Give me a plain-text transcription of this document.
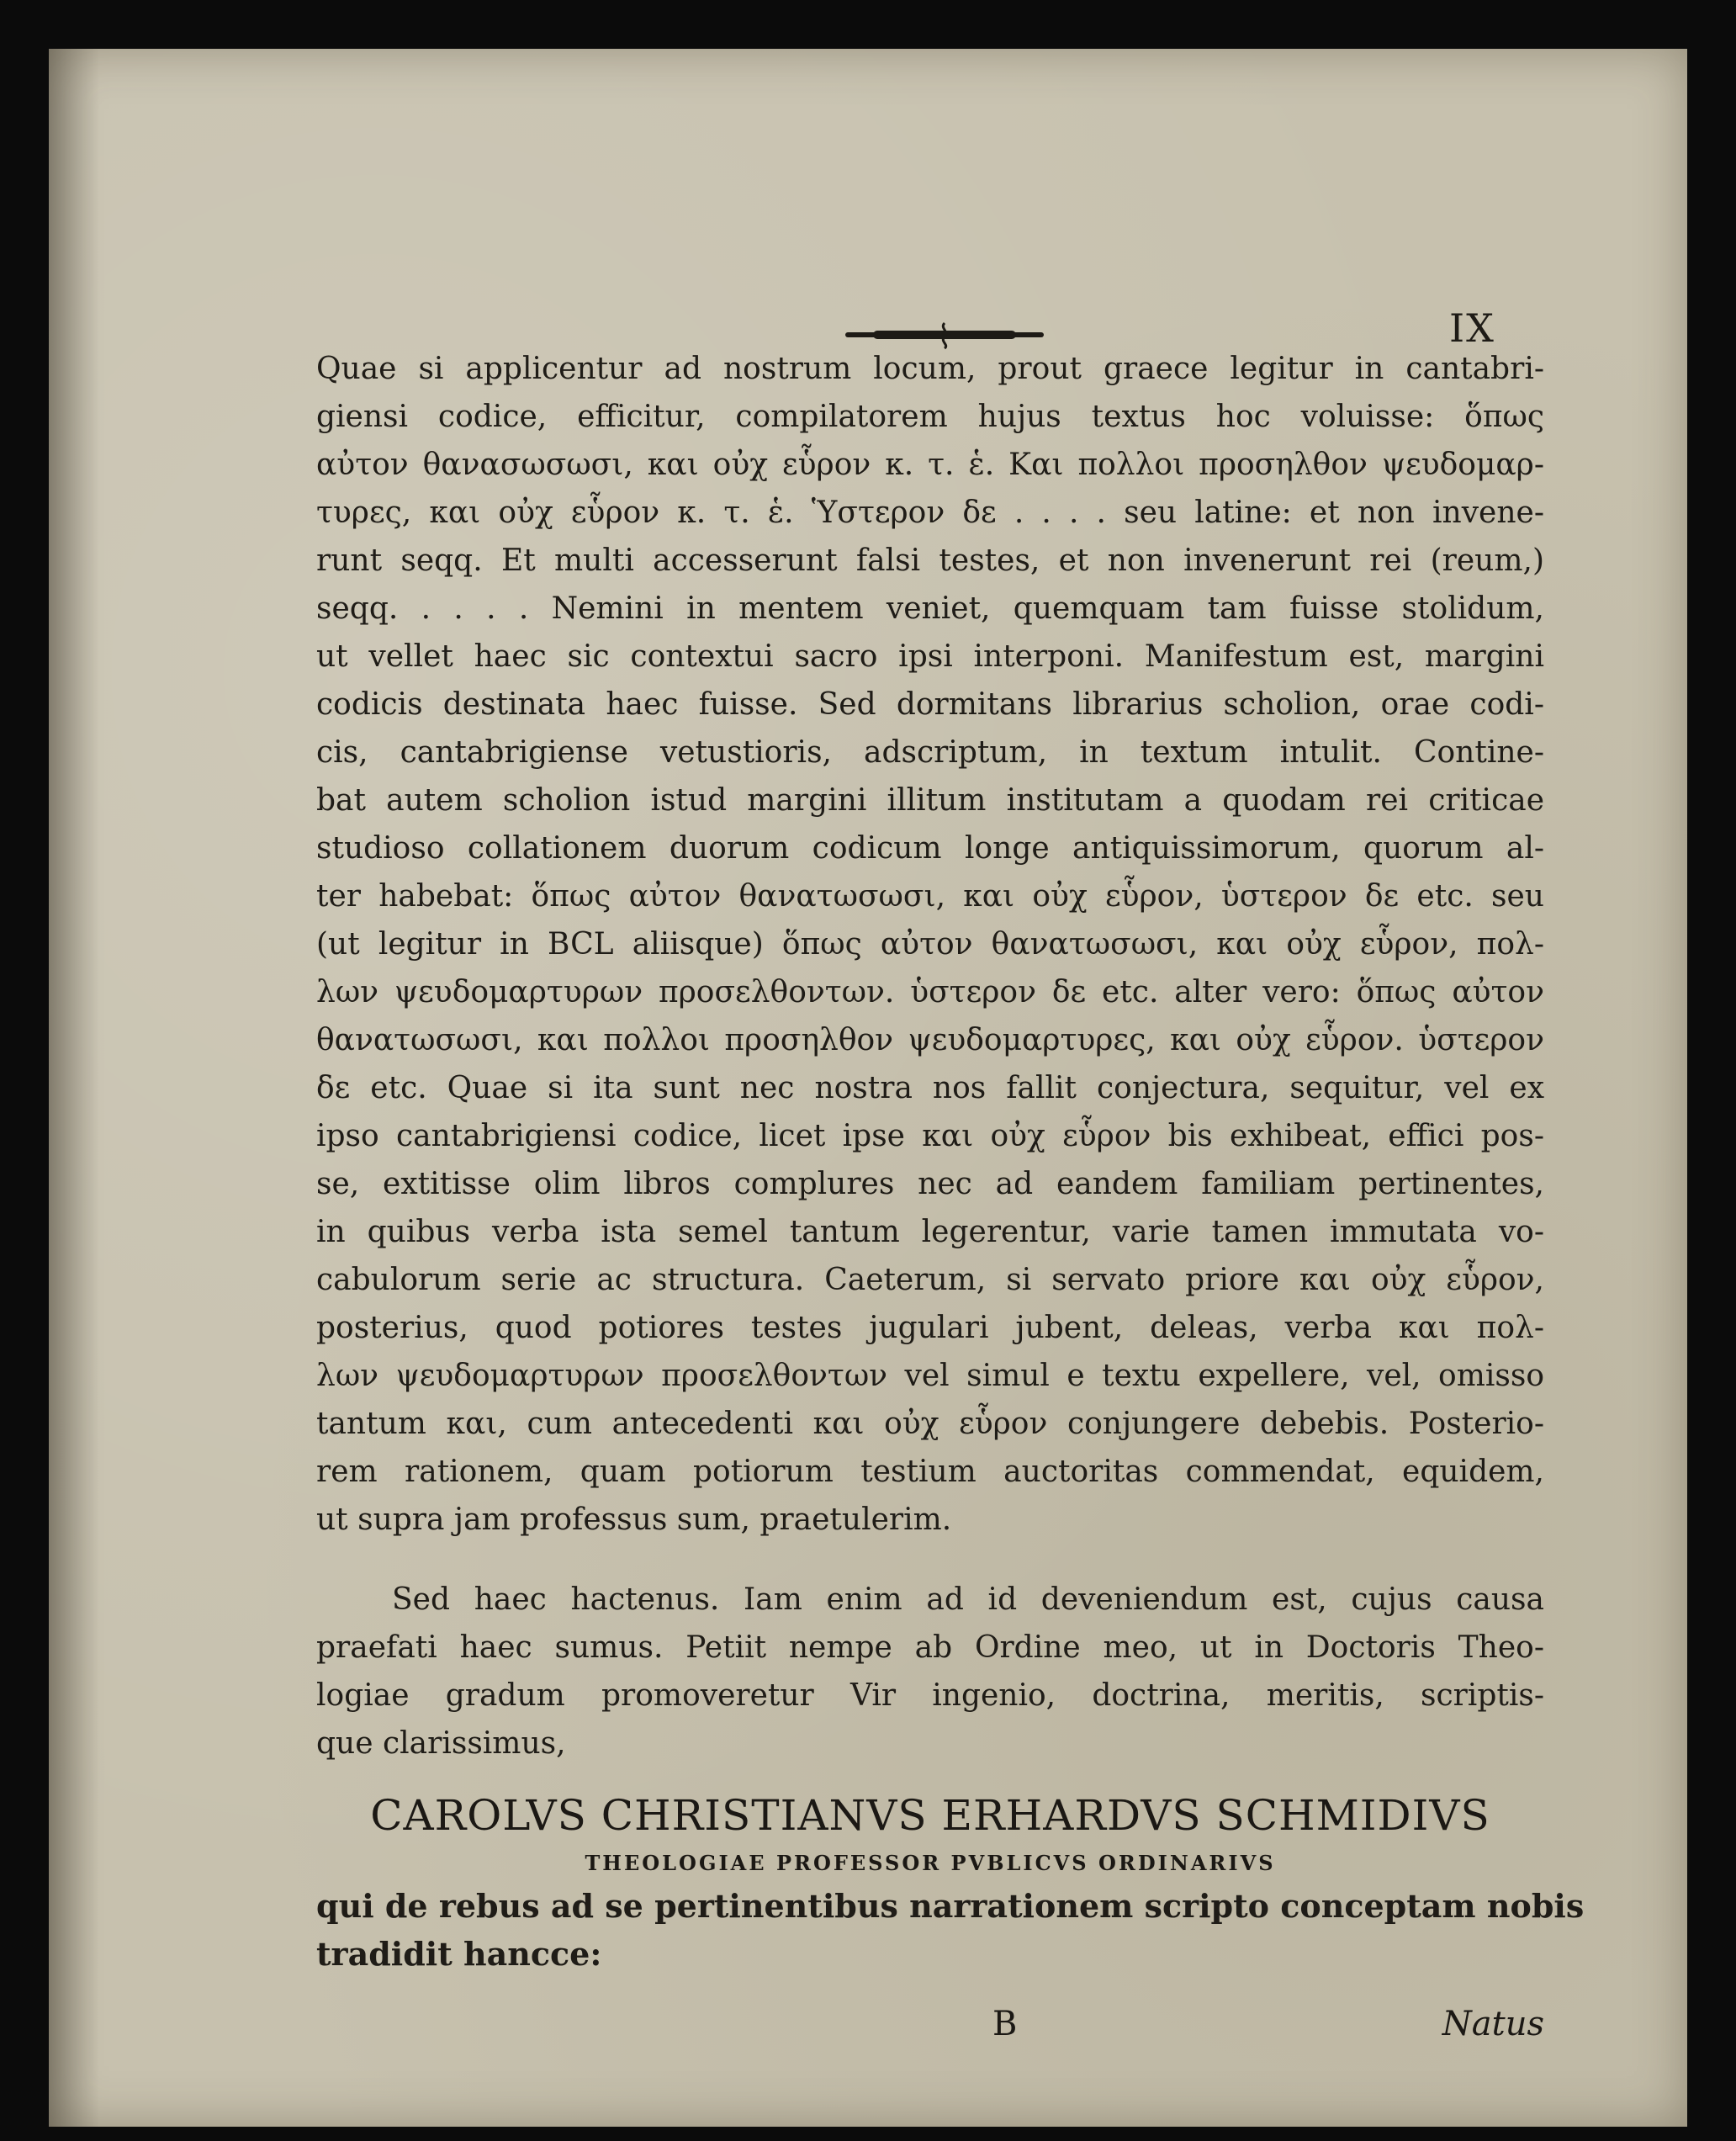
IX
Quae si applicentur ad nostrum locum, prout graece legitur in cantabri-
giensi codice, efficitur, compilatorem hujus textus hoc voluisse: ὅπως
αὐτον θανασωσωσι, και οὐχ εὗρον κ. τ. ἑ. Και πολλοι προσηλθον ψευδομαρ-
τυρες, και οὐχ εὗρον κ. τ. ἑ. Ὑστερον δε . . . . seu latine: et non invene-
runt seqq. Et multi accesserunt falsi testes, et non invenerunt rei (reum,)
seqq. . . . . Nemini in mentem veniet, quemquam tam fuisse stolidum,
ut vellet haec sic contextui sacro ipsi interponi. Manifestum est, margini
codicis destinata haec fuisse. Sed dormitans librarius scholion, orae codi-
cis, cantabrigiense vetustioris, adscriptum, in textum intulit. Contine-
bat autem scholion istud margini illitum institutam a quodam rei criticae
studioso collationem duorum codicum longe antiquissimorum, quorum al-
ter habebat: ὅπως αὐτον θανατωσωσι, και οὐχ εὗρον, ὑστερον δε etc. seu
(ut legitur in BCL aliisque) ὅπως αὐτον θανατωσωσι, και οὐχ εὗρον, πολ-
λων ψευδομαρτυρων προσελθοντων. ὑστερον δε etc. alter vero: ὅπως αὐτον
θανατωσωσι, και πολλοι προσηλθον ψευδομαρτυρες, και οὐχ εὗρον. ὑστερον
δε etc. Quae si ita sunt nec nostra nos fallit conjectura, sequitur, vel ex
ipso cantabrigiensi codice, licet ipse και οὐχ εὗρον bis exhibeat, effici pos-
se, extitisse olim libros complures nec ad eandem familiam pertinentes,
in quibus verba ista semel tantum legerentur, varie tamen immutata vo-
cabulorum serie ac structura. Caeterum, si servato priore και οὐχ εὗρον,
posterius, quod potiores testes jugulari jubent, deleas, verba και πολ-
λων ψευδομαρτυρων προσελθοντων vel simul e textu expellere, vel, omisso
tantum και, cum antecedenti και οὐχ εὗρον conjungere debebis. Posterio-
rem rationem, quam potiorum testium auctoritas commendat, equidem,
ut supra jam professus sum, praetulerim.
Sed haec hactenus. Iam enim ad id deveniendum est, cujus causa
praefati haec sumus. Petiit nempe ab Ordine meo, ut in Doctoris Theo-
logiae gradum promoveretur Vir ingenio, doctrina, meritis, scriptis-
que clarissimus,
CAROLVS CHRISTIANVS ERHARDVS SCHMIDIVS
THEOLOGIAE PROFESSOR PVBLICVS ORDINARIVS
qui de rebus ad se pertinentibus narrationem scripto conceptam nobis
tradidit hancce:
B	Natus
